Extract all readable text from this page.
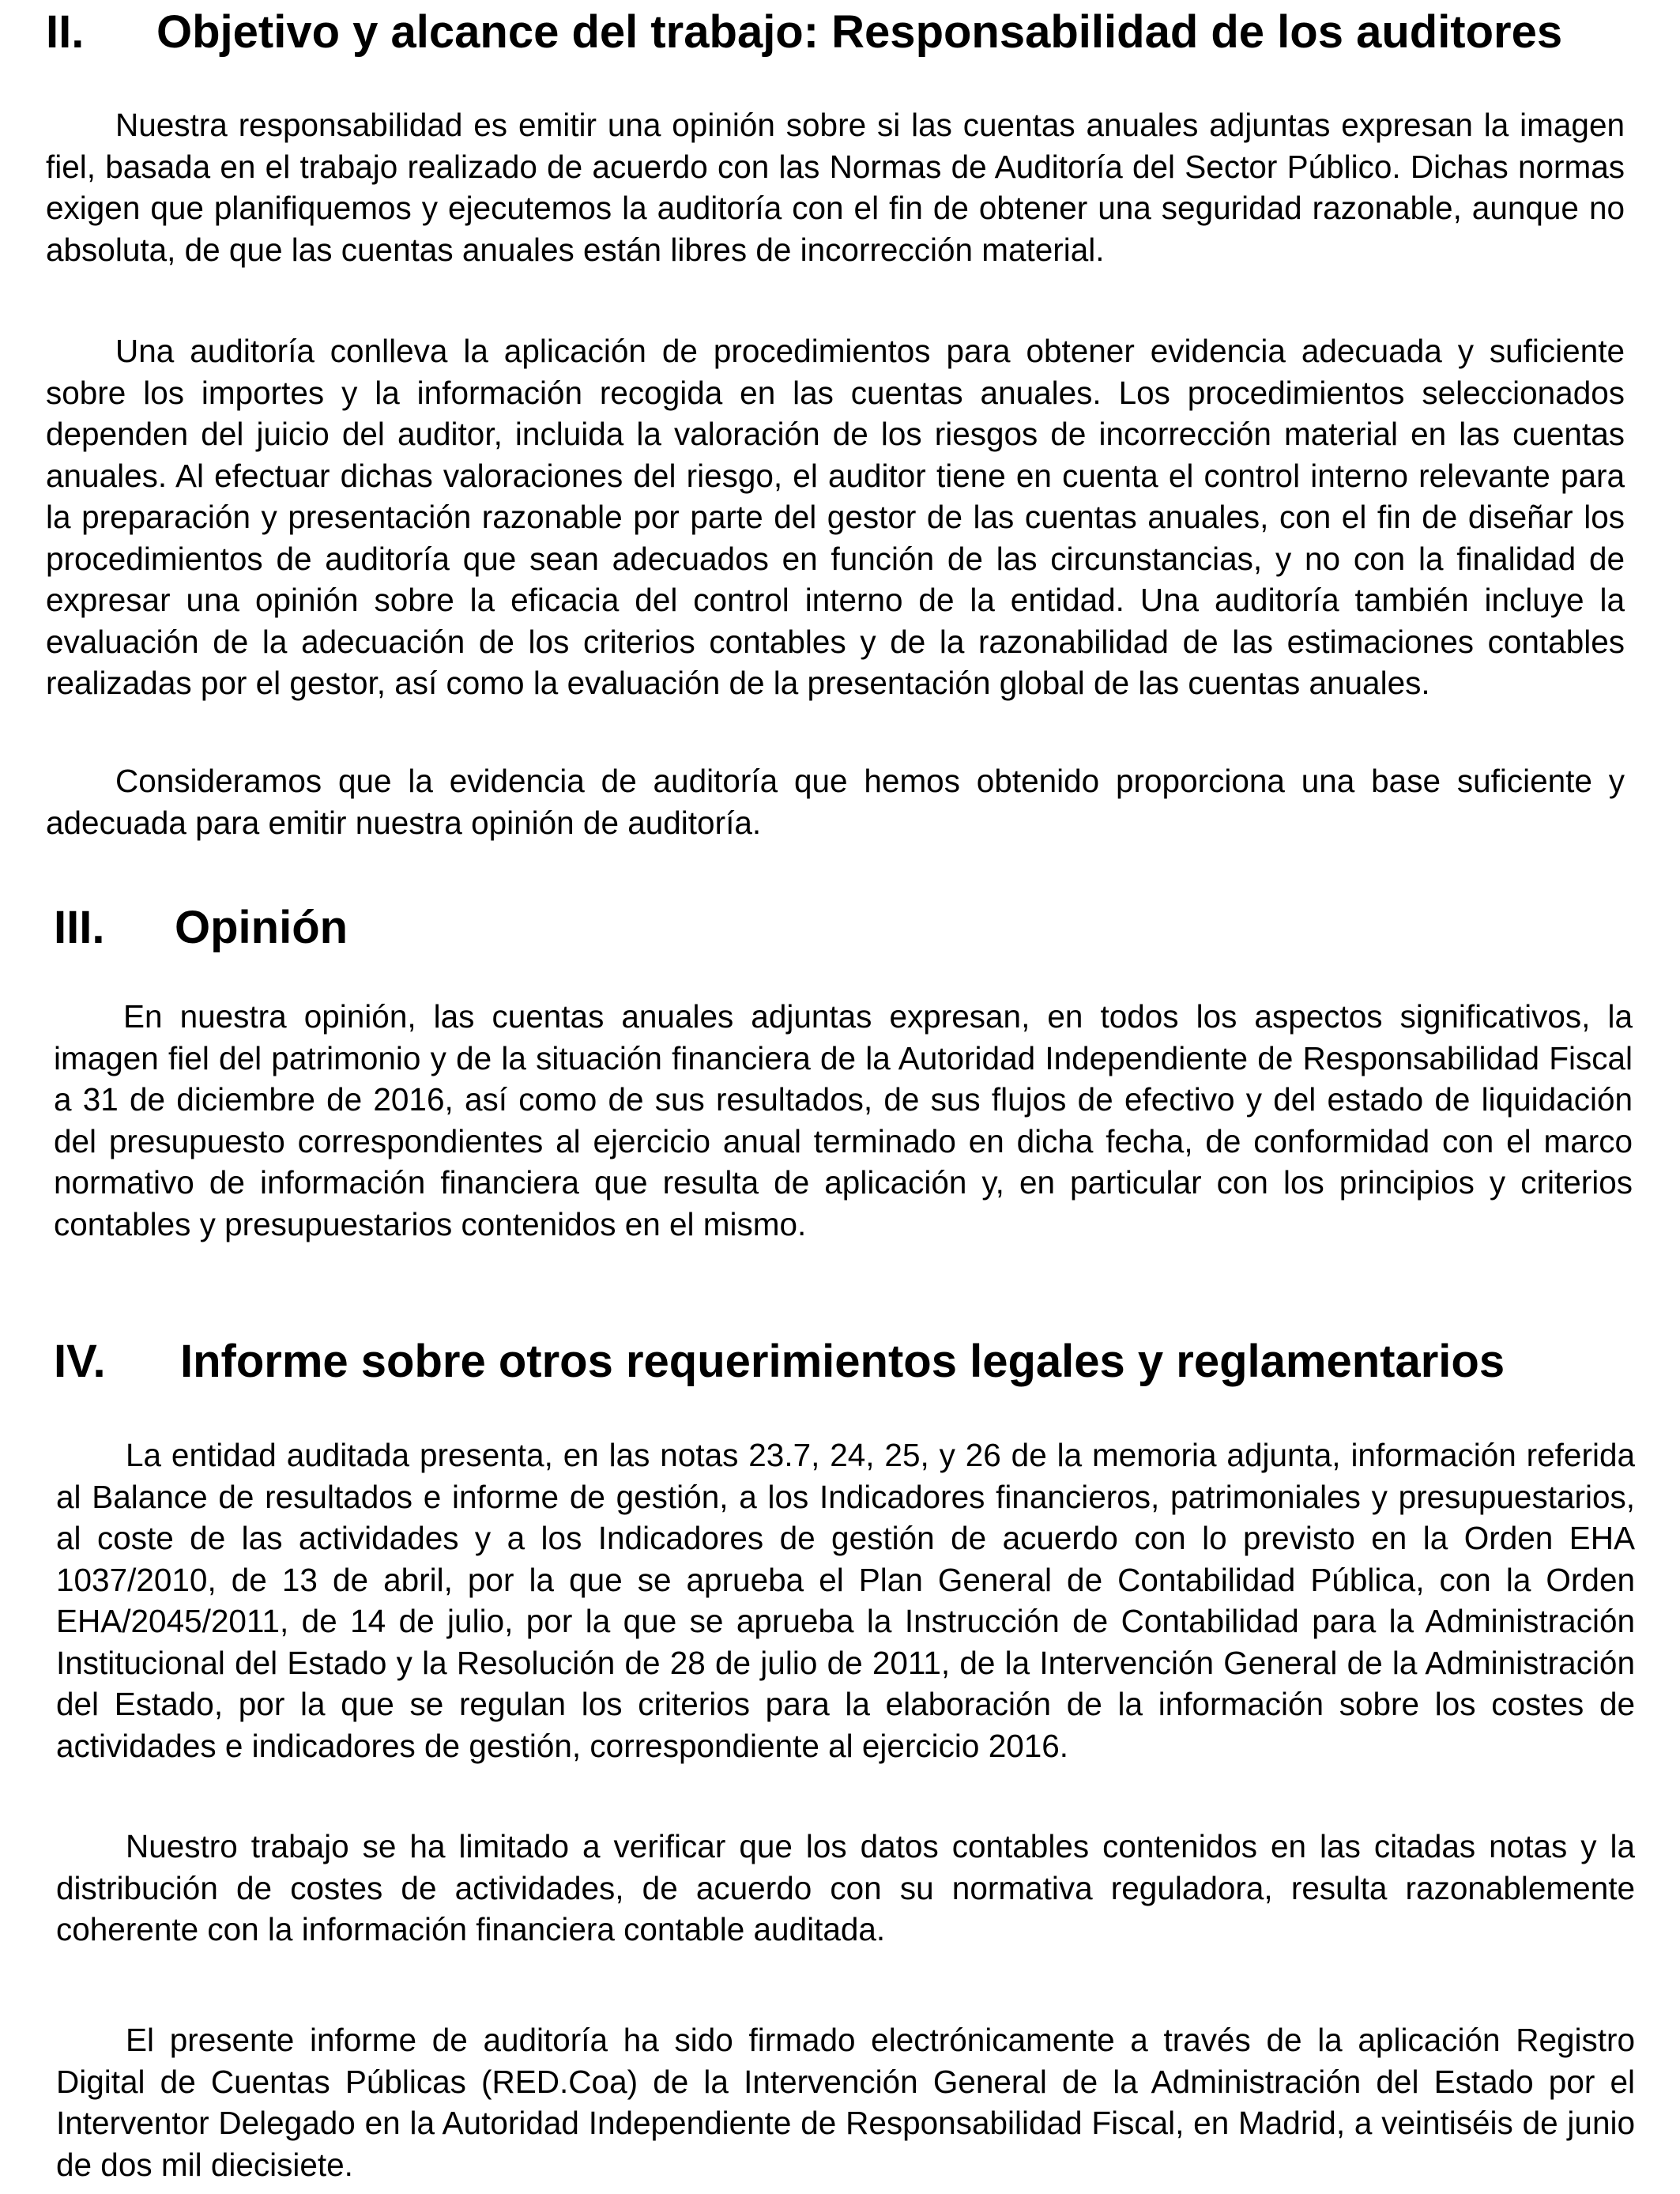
II. Objetivo y alcance del trabajo: Responsabilidad de los auditores

Nuestra responsabilidad es emitir una opinión sobre si las cuentas anuales adjuntas expresan la imagen fiel, basada en el trabajo realizado de acuerdo con las Normas de Auditoría del Sector Público. Dichas normas exigen que planifiquemos y ejecutemos la auditoría con el fin de obtener una seguridad razonable, aunque no absoluta, de que las cuentas anuales están libres de incorrección material.

Una auditoría conlleva la aplicación de procedimientos para obtener evidencia adecuada y suficiente sobre los importes y la información recogida en las cuentas anuales. Los procedimientos seleccionados dependen del juicio del auditor, incluida la valoración de los riesgos de incorrección material en las cuentas anuales. Al efectuar dichas valoraciones del riesgo, el auditor tiene en cuenta el control interno relevante para la preparación y presentación razonable por parte del gestor de las cuentas anuales, con el fin de diseñar los procedimientos de auditoría que sean adecuados en función de las circunstancias, y no con la finalidad de expresar una opinión sobre la eficacia del control interno de la entidad. Una auditoría también incluye la evaluación de la adecuación de los criterios contables y de la razonabilidad de las estimaciones contables realizadas por el gestor, así como la evaluación de la presentación global de las cuentas anuales.

Consideramos que la evidencia de auditoría que hemos obtenido proporciona una base suficiente y adecuada para emitir nuestra opinión de auditoría.

III. Opinión

En nuestra opinión, las cuentas anuales adjuntas expresan, en todos los aspectos significativos, la imagen fiel del patrimonio y de la situación financiera de la Autoridad Independiente de Responsabilidad Fiscal a 31 de diciembre de 2016, así como de sus resultados, de sus flujos de efectivo y del estado de liquidación del presupuesto correspondientes al ejercicio anual terminado en dicha fecha, de conformidad con el marco normativo de información financiera que resulta de aplicación y, en particular con los principios y criterios contables y presupuestarios contenidos en el mismo.

IV. Informe sobre otros requerimientos legales y reglamentarios

La entidad auditada presenta, en las notas 23.7, 24, 25, y 26 de la memoria adjunta, información referida al Balance de resultados e informe de gestión, a los Indicadores financieros, patrimoniales y presupuestarios, al coste de las actividades y a los Indicadores de gestión de acuerdo con lo previsto en la Orden EHA 1037/2010, de 13 de abril, por la que se aprueba el Plan General de Contabilidad Pública, con la Orden EHA/2045/2011, de 14 de julio, por la que se aprueba la Instrucción de Contabilidad para la Administración Institucional del Estado y la Resolución de 28 de julio de 2011, de la Intervención General de la Administración del Estado, por la que se regulan los criterios para la elaboración de la información sobre los costes de actividades e indicadores de gestión, correspondiente al ejercicio 2016.

Nuestro trabajo se ha limitado a verificar que los datos contables contenidos en las citadas notas y la distribución de costes de actividades, de acuerdo con su normativa reguladora, resulta razonablemente coherente con la información financiera contable auditada.

El presente informe de auditoría ha sido firmado electrónicamente a través de la aplicación Registro Digital de Cuentas Públicas (RED.Coa) de la Intervención General de la Administración del Estado por el Interventor Delegado en la Autoridad Independiente de Responsabilidad Fiscal, en Madrid, a veintiséis de junio de dos mil diecisiete.
